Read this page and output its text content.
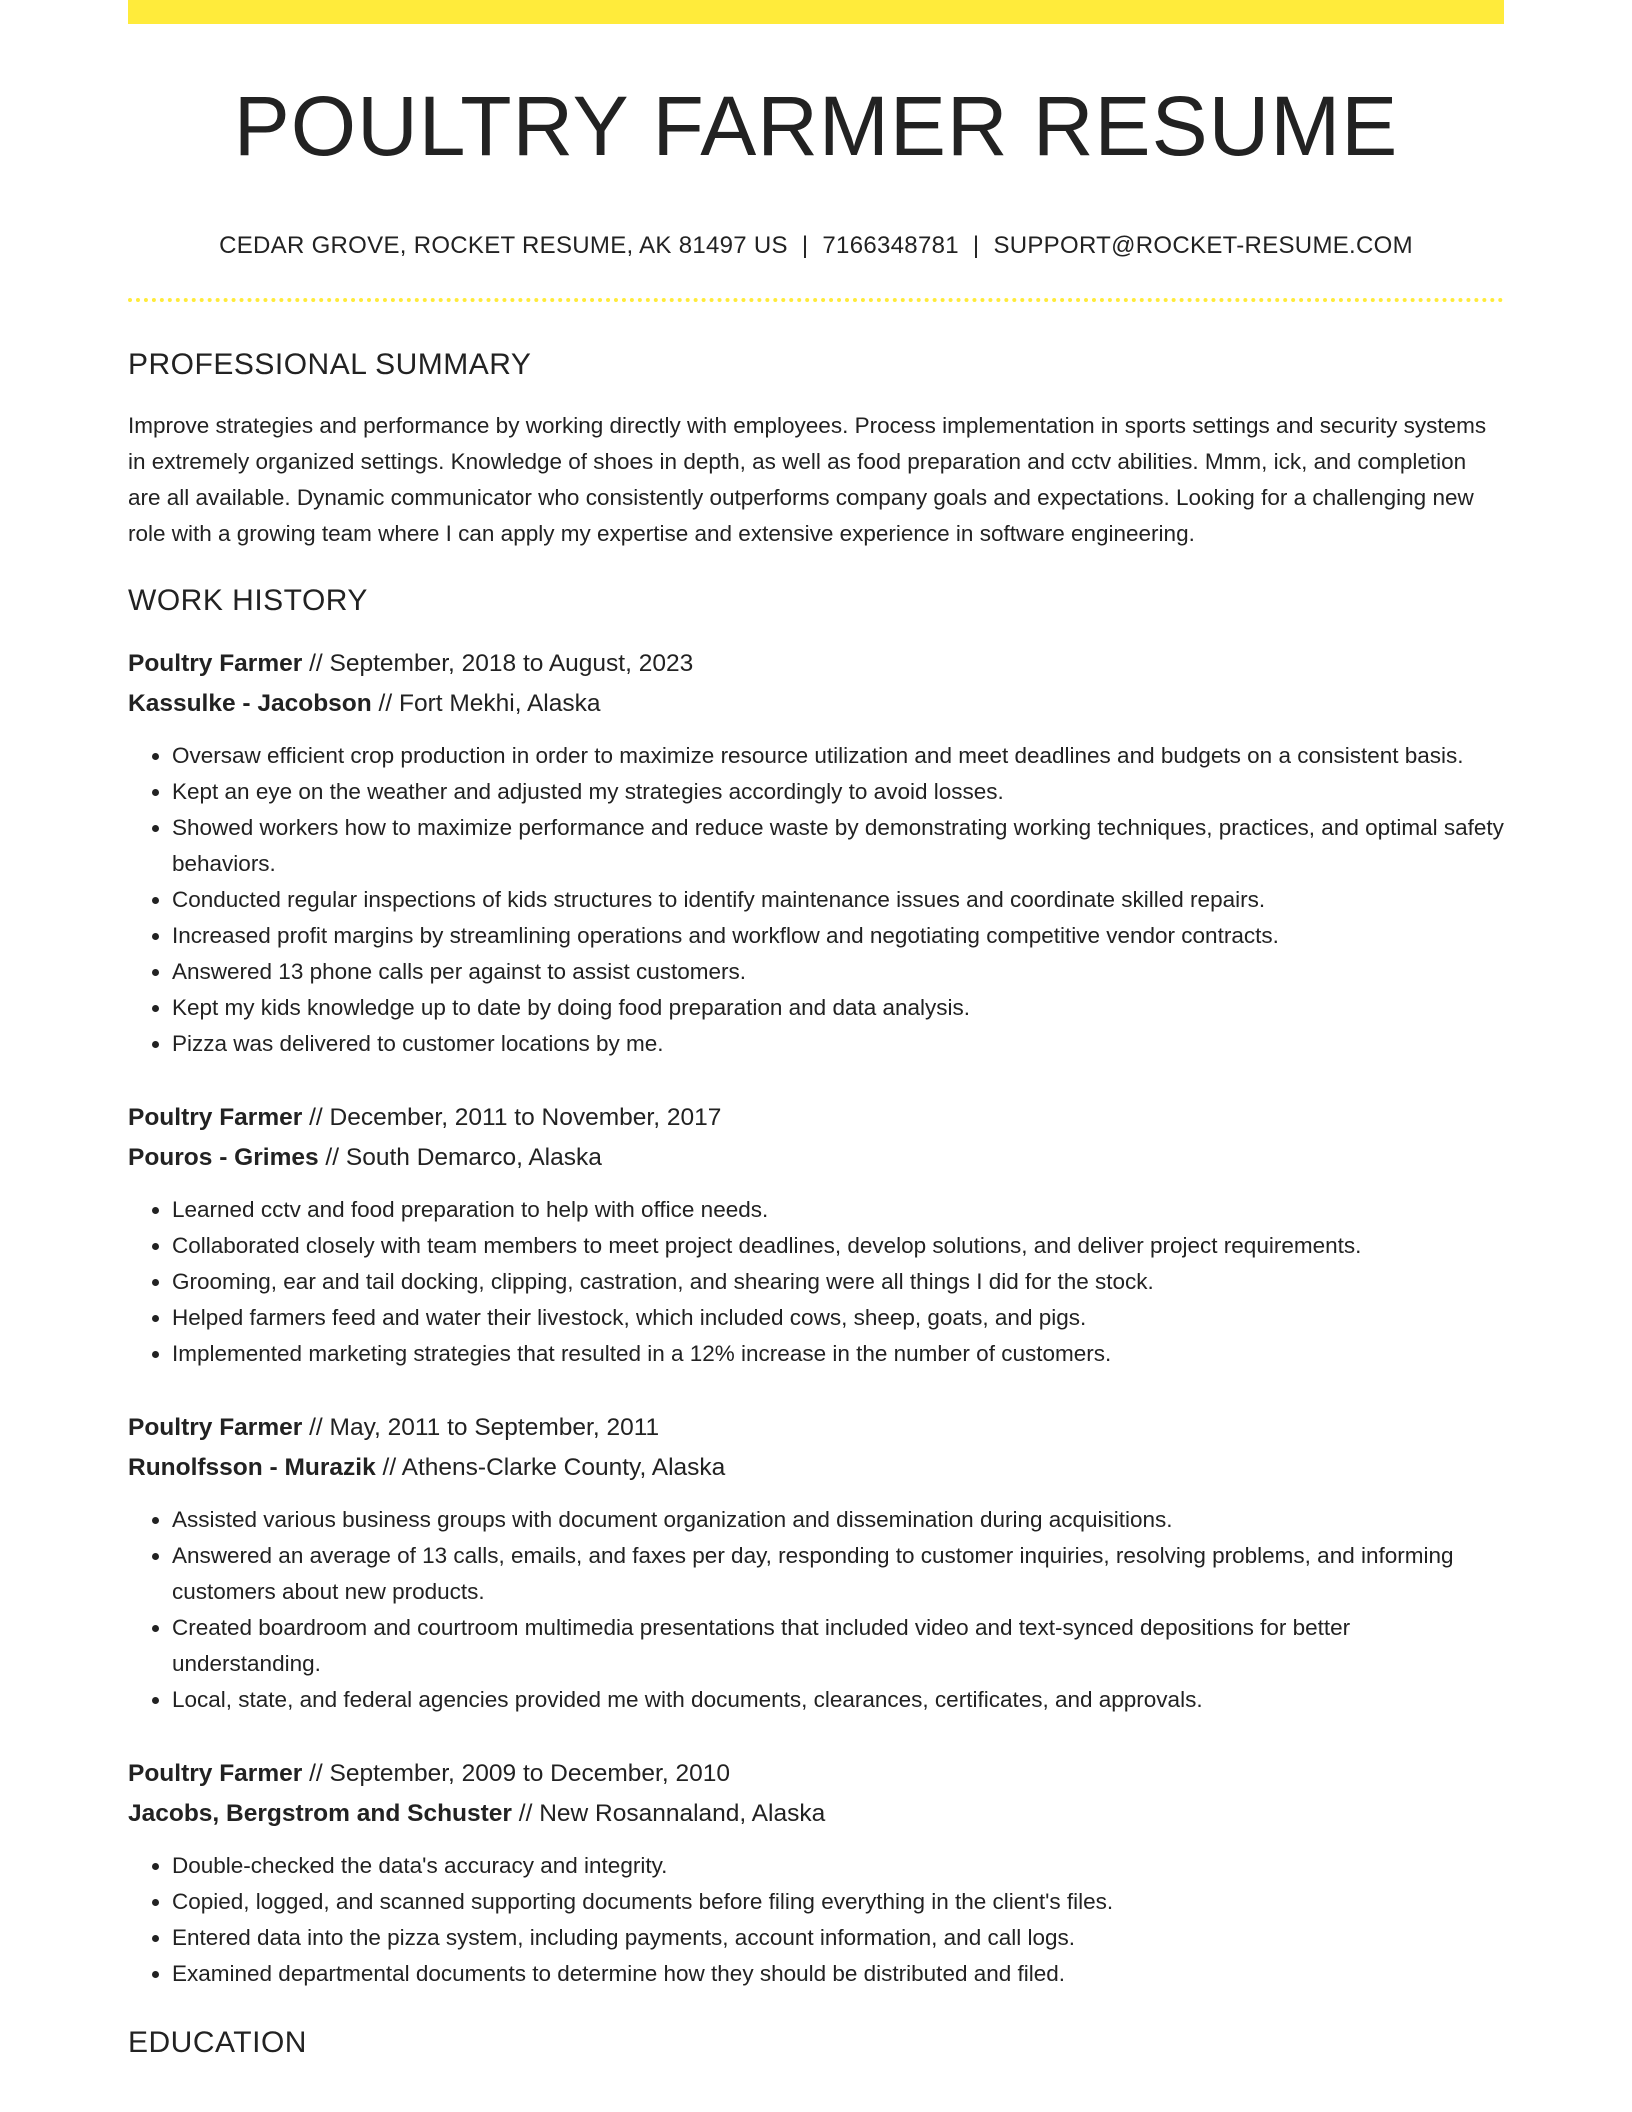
POULTRY FARMER RESUME
CEDAR GROVE, ROCKET RESUME, AK 81497 US | 7166348781 | SUPPORT@ROCKET-RESUME.COM
PROFESSIONAL SUMMARY
Improve strategies and performance by working directly with employees. Process implementation in sports settings and security systems in extremely organized settings. Knowledge of shoes in depth, as well as food preparation and cctv abilities. Mmm, ick, and completion are all available. Dynamic communicator who consistently outperforms company goals and expectations. Looking for a challenging new role with a growing team where I can apply my expertise and extensive experience in software engineering.
WORK HISTORY
Poultry Farmer // September, 2018 to August, 2023
Kassulke - Jacobson // Fort Mekhi, Alaska
• Oversaw efficient crop production in order to maximize resource utilization and meet deadlines and budgets on a consistent basis.
• Kept an eye on the weather and adjusted my strategies accordingly to avoid losses.
• Showed workers how to maximize performance and reduce waste by demonstrating working techniques, practices, and optimal safety behaviors.
• Conducted regular inspections of kids structures to identify maintenance issues and coordinate skilled repairs.
• Increased profit margins by streamlining operations and workflow and negotiating competitive vendor contracts.
• Answered 13 phone calls per against to assist customers.
• Kept my kids knowledge up to date by doing food preparation and data analysis.
• Pizza was delivered to customer locations by me.
Poultry Farmer // December, 2011 to November, 2017
Pouros - Grimes // South Demarco, Alaska
• Learned cctv and food preparation to help with office needs.
• Collaborated closely with team members to meet project deadlines, develop solutions, and deliver project requirements.
• Grooming, ear and tail docking, clipping, castration, and shearing were all things I did for the stock.
• Helped farmers feed and water their livestock, which included cows, sheep, goats, and pigs.
• Implemented marketing strategies that resulted in a 12% increase in the number of customers.
Poultry Farmer // May, 2011 to September, 2011
Runolfsson - Murazik // Athens-Clarke County, Alaska
• Assisted various business groups with document organization and dissemination during acquisitions.
• Answered an average of 13 calls, emails, and faxes per day, responding to customer inquiries, resolving problems, and informing customers about new products.
• Created boardroom and courtroom multimedia presentations that included video and text-synced depositions for better understanding.
• Local, state, and federal agencies provided me with documents, clearances, certificates, and approvals.
Poultry Farmer // September, 2009 to December, 2010
Jacobs, Bergstrom and Schuster // New Rosannaland, Alaska
• Double-checked the data's accuracy and integrity.
• Copied, logged, and scanned supporting documents before filing everything in the client's files.
• Entered data into the pizza system, including payments, account information, and call logs.
• Examined departmental documents to determine how they should be distributed and filed.
EDUCATION
